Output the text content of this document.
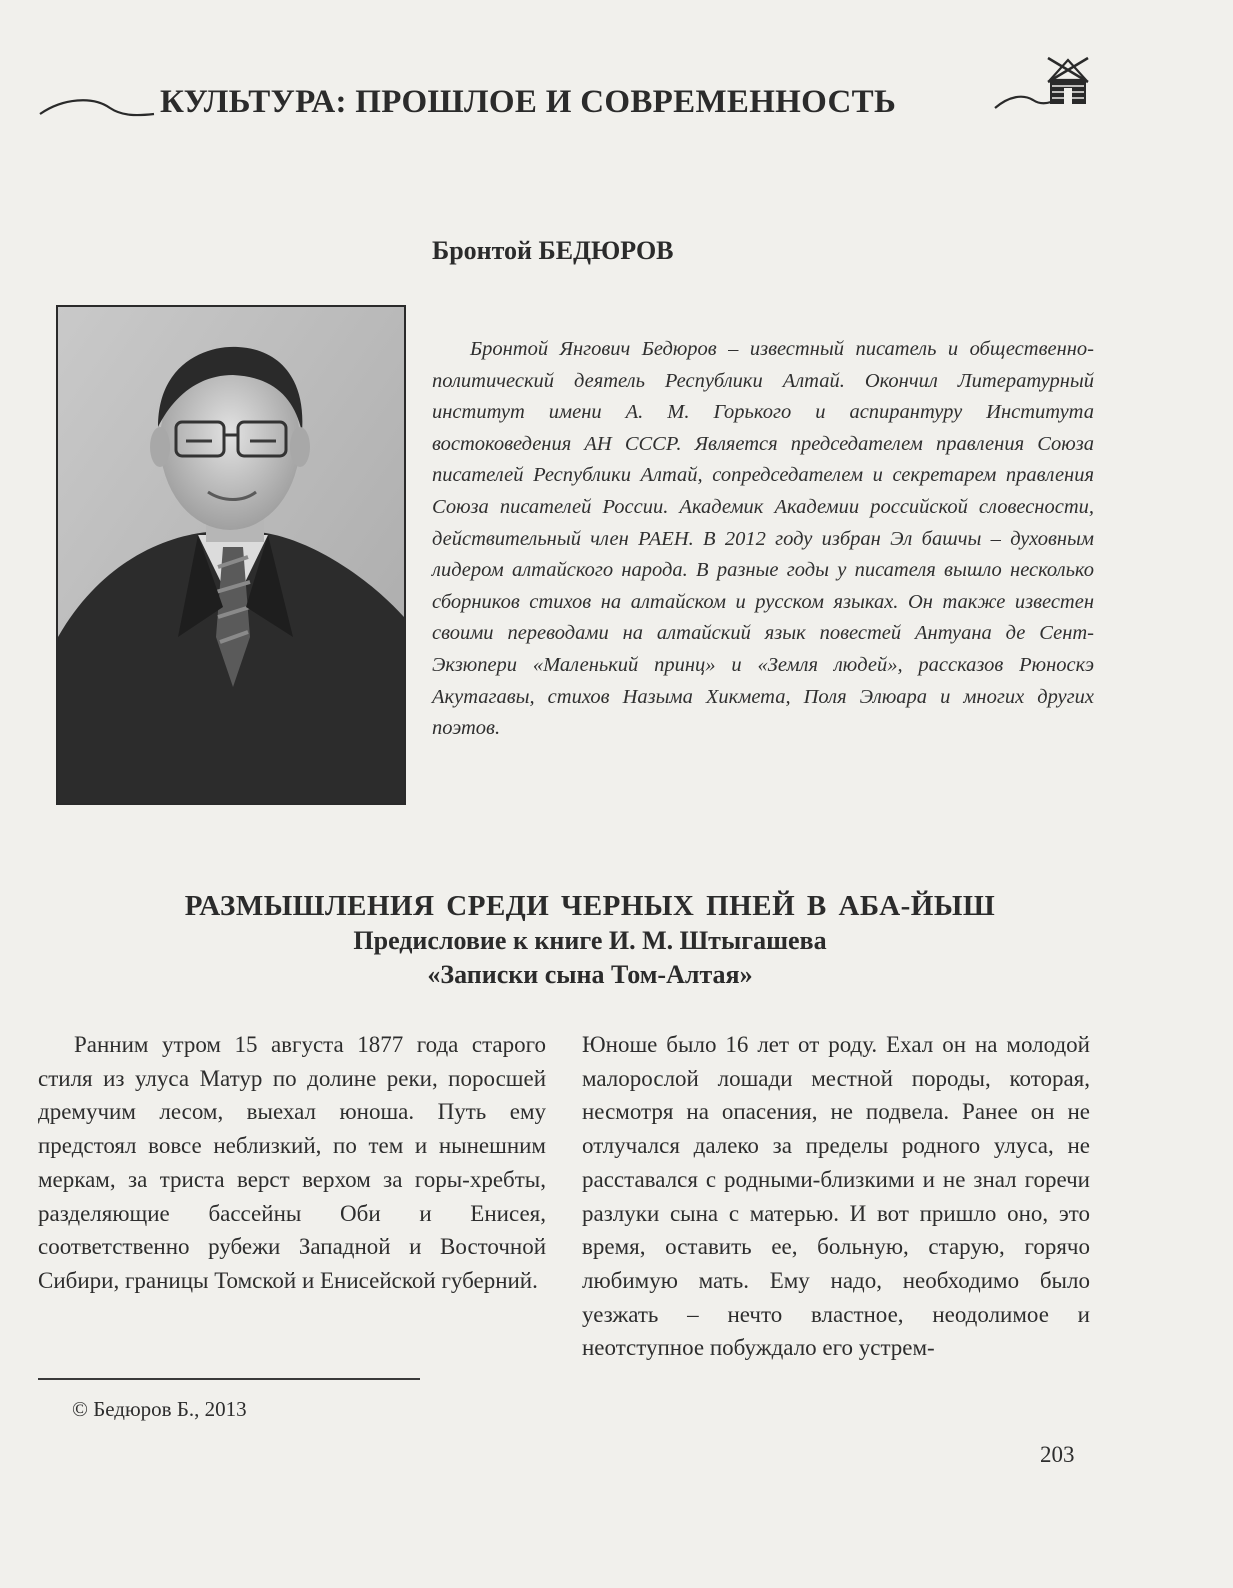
КУЛЬТУРА: ПРОШЛОЕ И СОВРЕМЕННОСТЬ
Бронтой БЕДЮРОВ

Бронтой Янгович Бедюров – известный писатель и общественно-политический деятель Республики Алтай. Окончил Литературный институт имени А. М. Горького и аспирантуру Института востоковедения АН СССР. Является председателем правления Союза писателей Республики Алтай, сопредседателем и секретарем правления Союза писателей России. Академик Академии российской словесности, действительный член РАЕН. В 2012 году избран Эл башчы – духовным лидером алтайского народа. В разные годы у писателя вышло несколько сборников стихов на алтайском и русском языках. Он также известен своими переводами на алтайский язык повестей Антуана де Сент-Экзюпери «Маленький принц» и «Земля людей», рассказов Рюноскэ Акутагавы, стихов Назыма Хикмета, Поля Элюара и многих других поэтов.

РАЗМЫШЛЕНИЯ СРЕДИ ЧЕРНЫХ ПНЕЙ В АБА-ЙЫШ
Предисловие к книге И. М. Штыгашева
«Записки сына Том-Алтая»

Ранним утром 15 августа 1877 года старого стиля из улуса Матур по долине реки, поросшей дремучим лесом, выехал юноша. Путь ему предстоял вовсе неблизкий, по тем и нынешним меркам, за триста верст верхом за горы-хребты, разделяющие бассейны Оби и Енисея, соответственно рубежи Западной и Восточной Сибири, границы Томской и Енисейской губерний.

Юноше было 16 лет от роду. Ехал он на молодой малорослой лошади местной породы, которая, несмотря на опасения, не подвела. Ранее он не отлучался далеко за пределы родного улуса, не расставался с родными-близкими и не знал горечи разлуки сына с матерью. И вот пришло оно, это время, оставить ее, больную, старую, горячо любимую мать. Ему надо, необходимо было уезжать – нечто властное, неодолимое и неотступное побуждало его устрем-

© Бедюров Б., 2013
203
